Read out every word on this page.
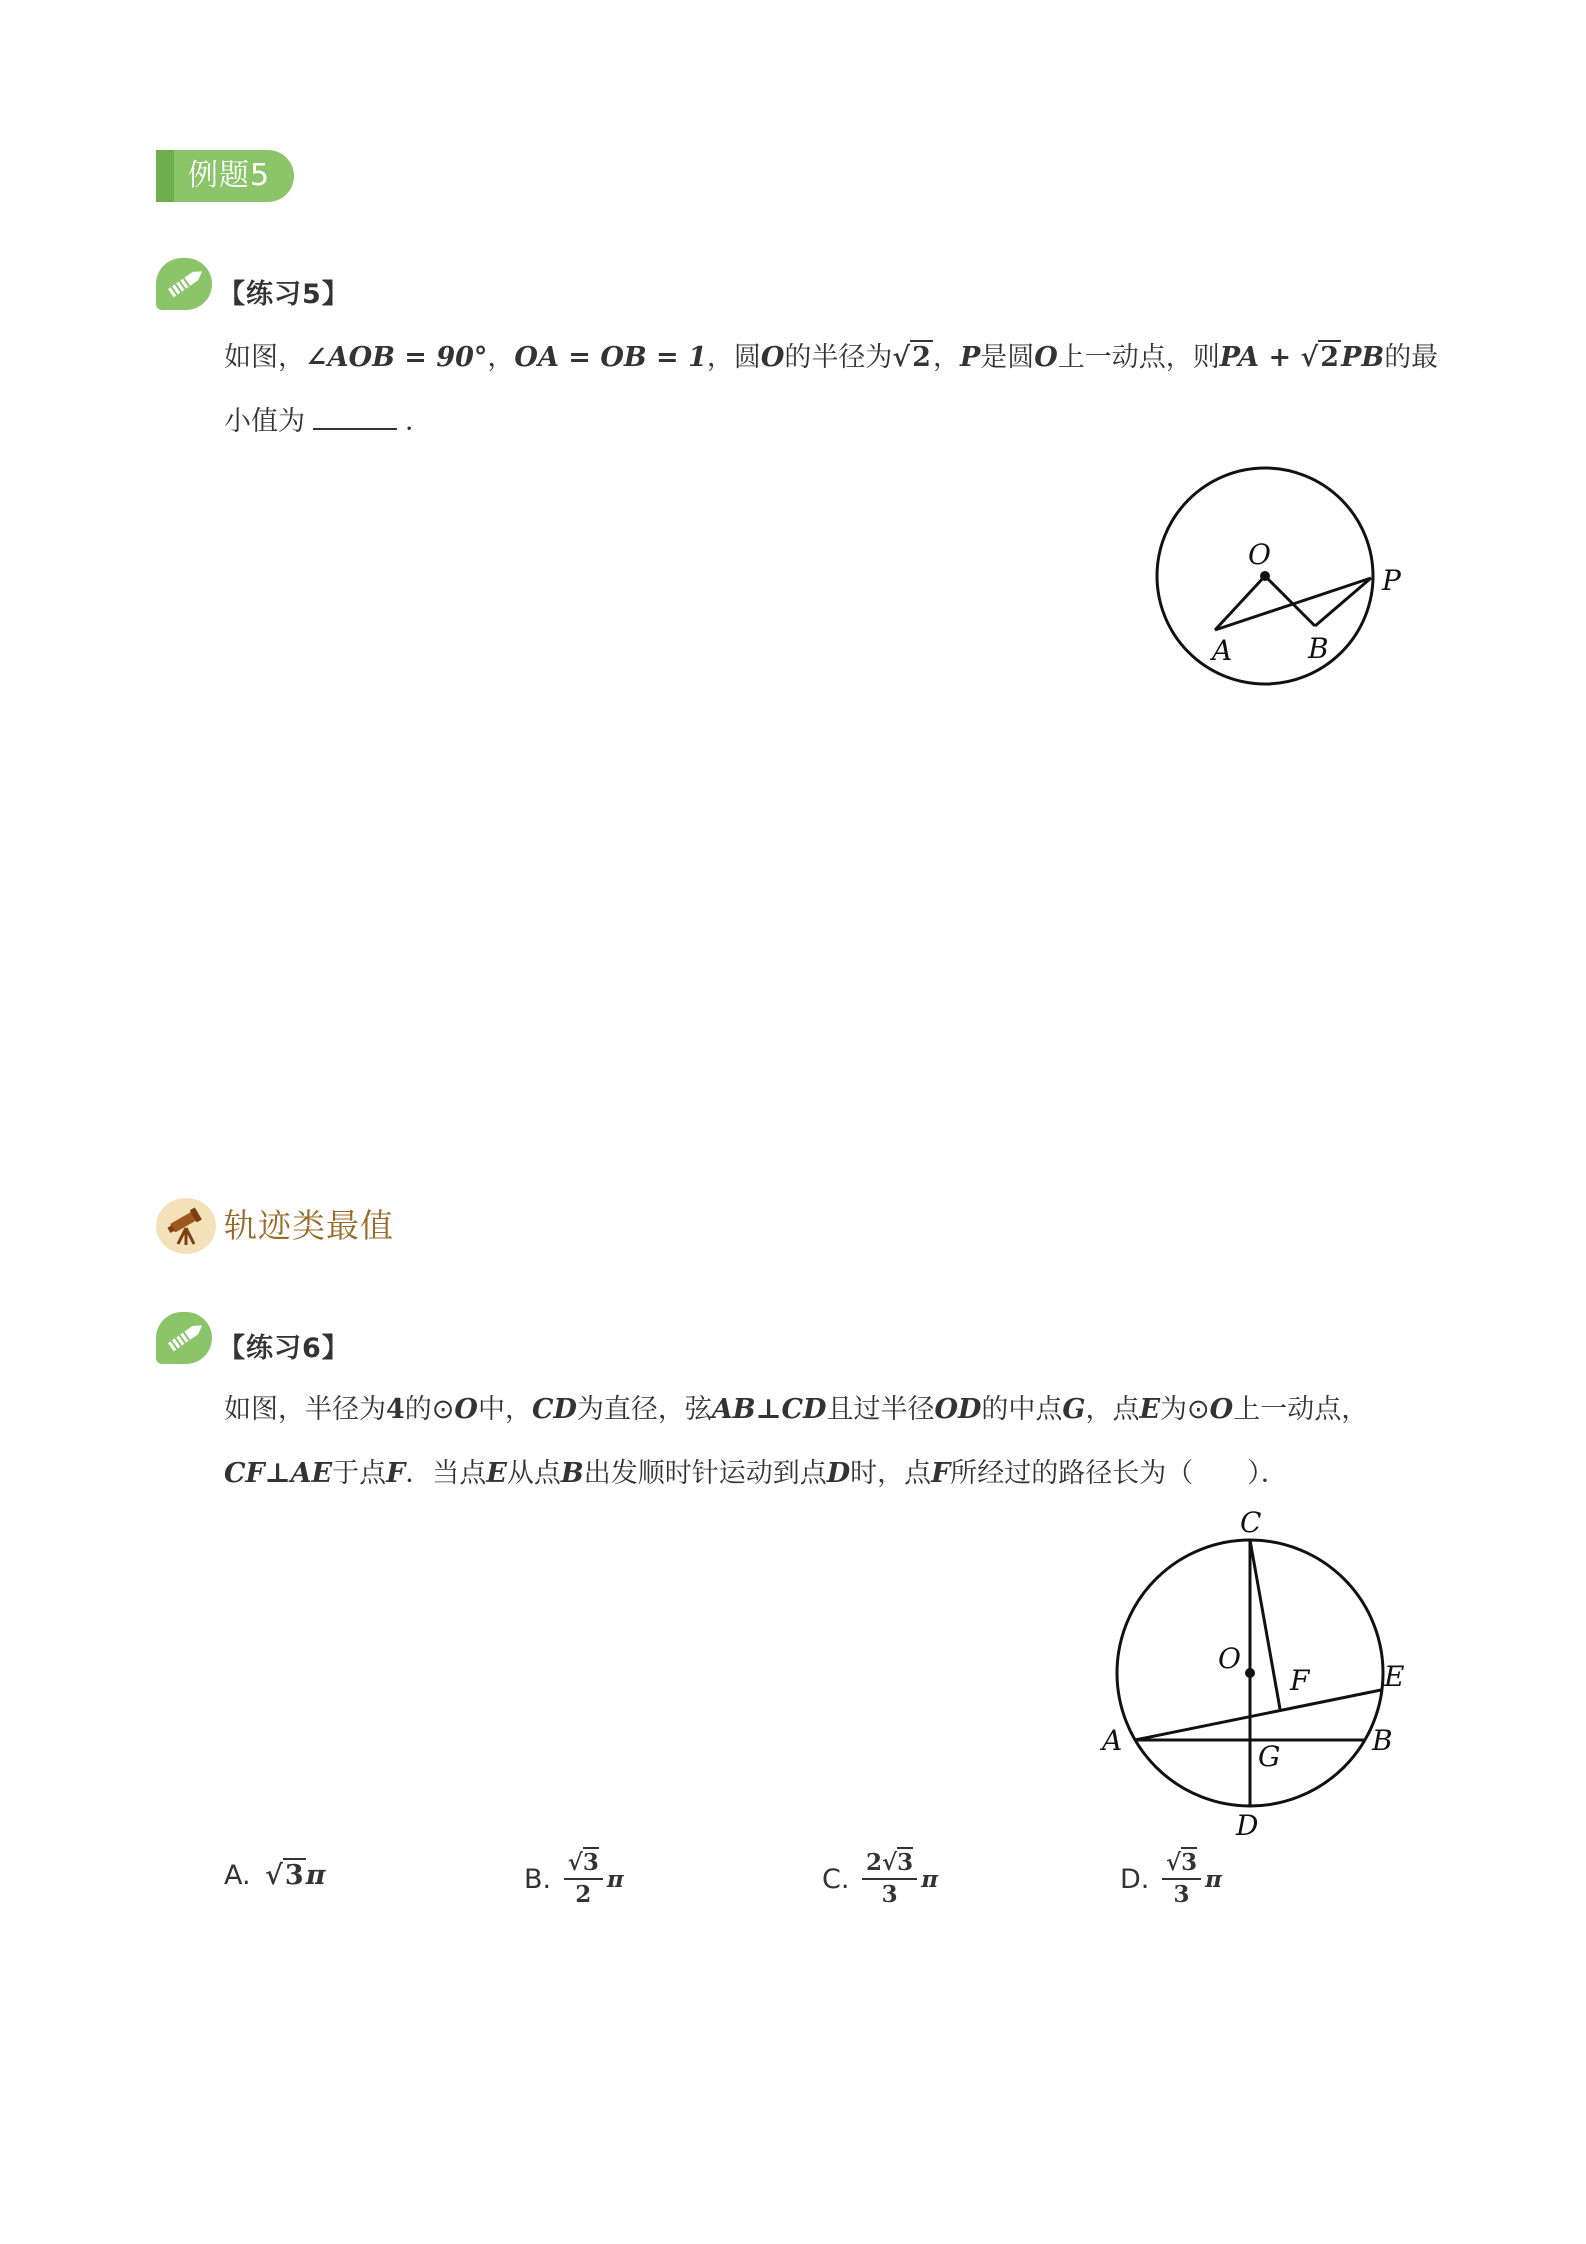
例题5
【练习5】
如图，∠AOB = 90°，OA = OB = 1，圆O的半径为√2，P是圆O上一动点，则PA + √2PB的最
小值为	．
O
P
A	B
轨迹类最值
【练习6】
如图，半径为4的⊙O中，CD为直径，弦AB⊥CD且过半径OD的中点G，点E为⊙O上一动点，
CF⊥AE于点F．当点E从点B出发顺时针运动到点D时，点F所经过的路径长为（　　）．
C
O
F	E
A	G	B
D
A.
√3 π	B.
$\frac{√3}{2}$ π	C.
$\frac{2√3}{3}$ π	D.
$\frac{√3}{3}$ π
